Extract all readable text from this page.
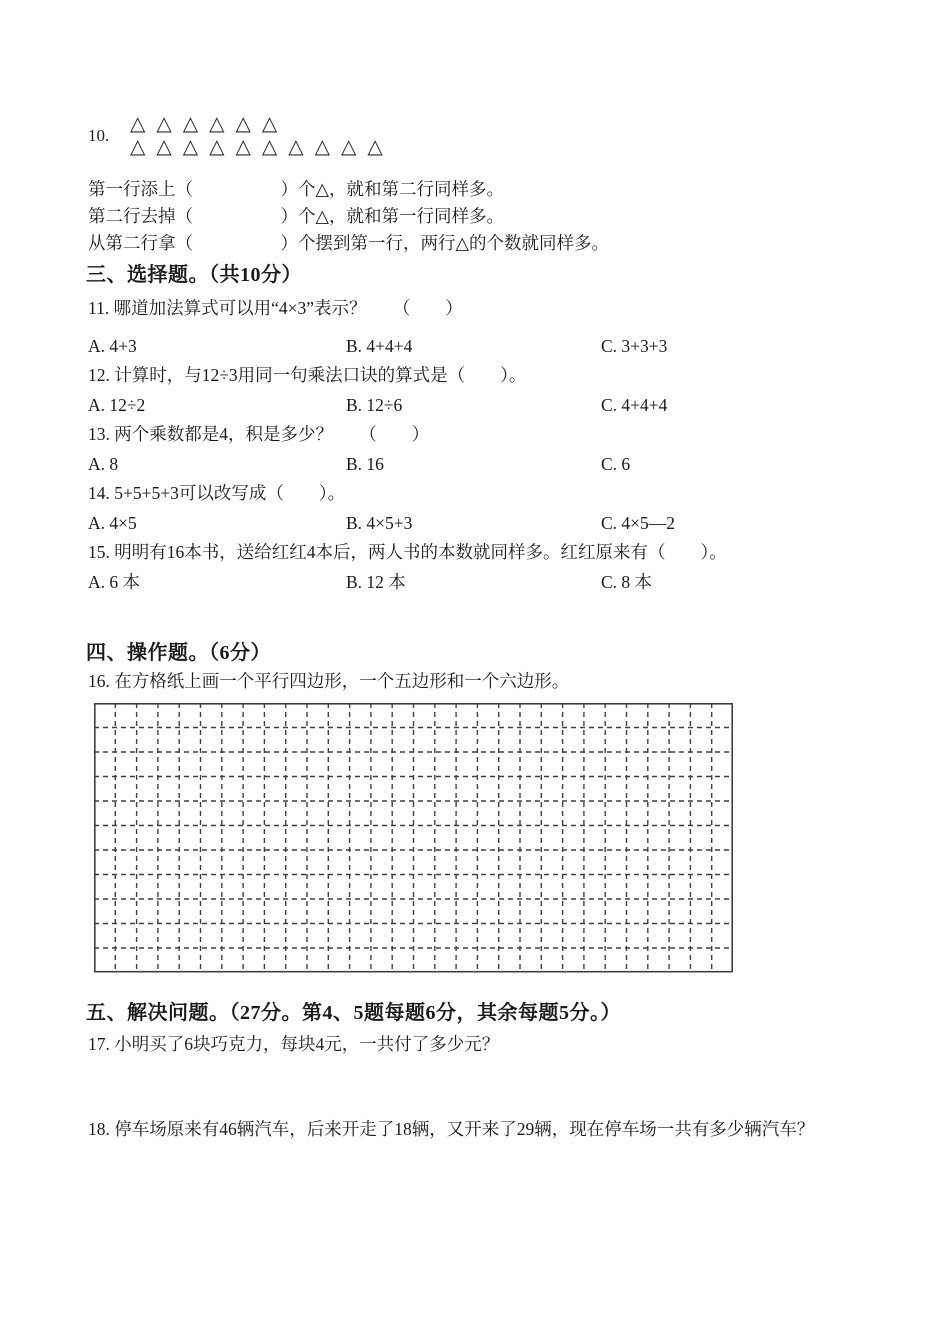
10.
△△△△△△
△△△△△△△△△△
第一行添上（　　　　　）个△，就和第二行同样多。
第二行去掉（　　　　　）个△，就和第一行同样多。
从第二行拿（　　　　　）个摆到第一行，两行△的个数就同样多。
三、选择题。（共10分）
11. 哪道加法算式可以用“4×3”表示？　　（　　）
A. 4+3	B. 4+4+4	C. 3+3+3
12. 计算时，与12÷3用同一句乘法口诀的算式是（　　）。
A. 12÷2	B. 12÷6	C. 4+4+4
13. 两个乘数都是4，积是多少？　　（　　）
A. 8	B. 16	C. 6
14. 5+5+5+3可以改写成（　　）。
A. 4×5	B. 4×5+3	C. 4×5—2
15. 明明有16本书，送给红红4本后，两人书的本数就同样多。红红原来有（　　）。
A. 6 本	B. 12 本	C. 8 本
四、操作题。（6分）
16. 在方格纸上画一个平行四边形，一个五边形和一个六边形。
五、解决问题。（27分。第4、5题每题6分，其余每题5分。）
17. 小明买了6块巧克力，每块4元，一共付了多少元？
18. 停车场原来有46辆汽车，后来开走了18辆，又开来了29辆，现在停车场一共有多少辆汽车？
